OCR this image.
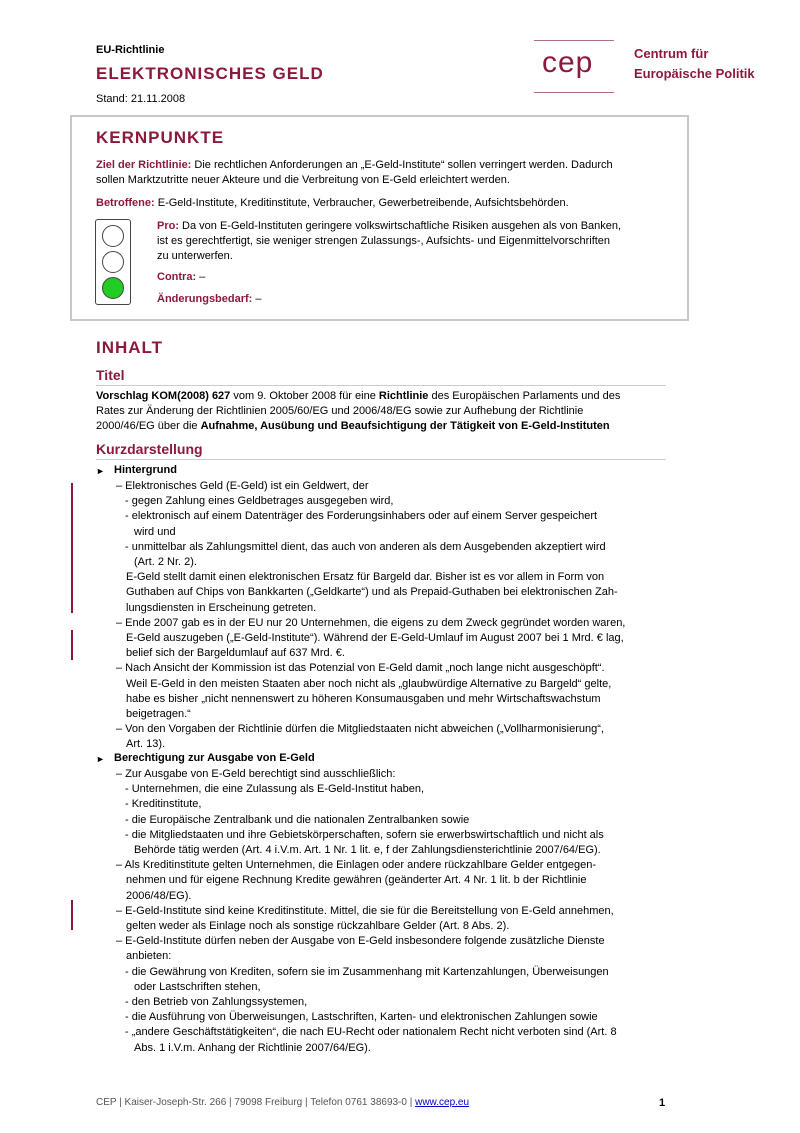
EU-Richtlinie
ELEKTRONISCHES GELD
Stand: 21.11.2008
cep	Centrum für
Europäische Politik
KERNPUNKTE
Ziel der Richtlinie: Die rechtlichen Anforderungen an „E-Geld-Institute“ sollen verringert werden. Dadurch
sollen Marktzutritte neuer Akteure und die Verbreitung von E-Geld erleichtert werden.
Betroffene: E-Geld-Institute, Kreditinstitute, Verbraucher, Gewerbetreibende, Aufsichtsbehörden.
Pro: Da von E-Geld-Instituten geringere volkswirtschaftliche Risiken ausgehen als von Banken,
ist es gerechtfertigt, sie weniger strengen Zulassungs-, Aufsichts- und Eigenmittelvorschriften
zu unterwerfen.
Contra: –
Änderungsbedarf: –
INHALT
Titel
Vorschlag KOM(2008) 627 vom 9. Oktober 2008 für eine Richtlinie des Europäischen Parlaments und des
Rates zur Änderung der Richtlinien 2005/60/EG und 2006/48/EG sowie zur Aufhebung der Richtlinie
2000/46/EG über die Aufnahme, Ausübung und Beaufsichtigung der Tätigkeit von E-Geld-Instituten
Kurzdarstellung
► Hintergrund
– Elektronisches Geld (E-Geld) ist ein Geldwert, der
- gegen Zahlung eines Geldbetrages ausgegeben wird,
- elektronisch auf einem Datenträger des Forderungsinhabers oder auf einem Server gespeichert
wird und
- unmittelbar als Zahlungsmittel dient, das auch von anderen als dem Ausgebenden akzeptiert wird
(Art. 2 Nr. 2).
E-Geld stellt damit einen elektronischen Ersatz für Bargeld dar. Bisher ist es vor allem in Form von
Guthaben auf Chips von Bankkarten („Geldkarte“) und als Prepaid-Guthaben bei elektronischen Zah-
lungsdiensten in Erscheinung getreten.
– Ende 2007 gab es in der EU nur 20 Unternehmen, die eigens zu dem Zweck gegründet worden waren,
E-Geld auszugeben („E-Geld-Institute“). Während der E-Geld-Umlauf im August 2007 bei 1 Mrd. € lag,
belief sich der Bargeldumlauf auf 637 Mrd. €.
– Nach Ansicht der Kommission ist das Potenzial von E-Geld damit „noch lange nicht ausgeschöpft“.
Weil E-Geld in den meisten Staaten aber noch nicht als „glaubwürdige Alternative zu Bargeld“ gelte,
habe es bisher „nicht nennenswert zu höheren Konsumausgaben und mehr Wirtschaftswachstum
beigetragen.“
– Von den Vorgaben der Richtlinie dürfen die Mitgliedstaaten nicht abweichen („Vollharmonisierung“,
Art. 13).
► Berechtigung zur Ausgabe von E-Geld
– Zur Ausgabe von E-Geld berechtigt sind ausschließlich:
- Unternehmen, die eine Zulassung als E-Geld-Institut haben,
- Kreditinstitute,
- die Europäische Zentralbank und die nationalen Zentralbanken sowie
- die Mitgliedstaaten und ihre Gebietskörperschaften, sofern sie erwerbswirtschaftlich und nicht als
Behörde tätig werden (Art. 4 i.V.m. Art. 1 Nr. 1 lit. e, f der Zahlungsdiensterichtlinie 2007/64/EG).
– Als Kreditinstitute gelten Unternehmen, die Einlagen oder andere rückzahlbare Gelder entgegen-
nehmen und für eigene Rechnung Kredite gewähren (geänderter Art. 4 Nr. 1 lit. b der Richtlinie
2006/48/EG).
– E-Geld-Institute sind keine Kreditinstitute. Mittel, die sie für die Bereitstellung von E-Geld annehmen,
gelten weder als Einlage noch als sonstige rückzahlbare Gelder (Art. 8 Abs. 2).
– E-Geld-Institute dürfen neben der Ausgabe von E-Geld insbesondere folgende zusätzliche Dienste
anbieten:
- die Gewährung von Krediten, sofern sie im Zusammenhang mit Kartenzahlungen, Überweisungen
oder Lastschriften stehen,
- den Betrieb von Zahlungssystemen,
- die Ausführung von Überweisungen, Lastschriften, Karten- und elektronischen Zahlungen sowie
- „andere Geschäftstätigkeiten“, die nach EU-Recht oder nationalem Recht nicht verboten sind (Art. 8
Abs. 1 i.V.m. Anhang der Richtlinie 2007/64/EG).
CEP | Kaiser-Joseph-Str. 266 | 79098 Freiburg | Telefon 0761 38693-0 | www.cep.eu	1
